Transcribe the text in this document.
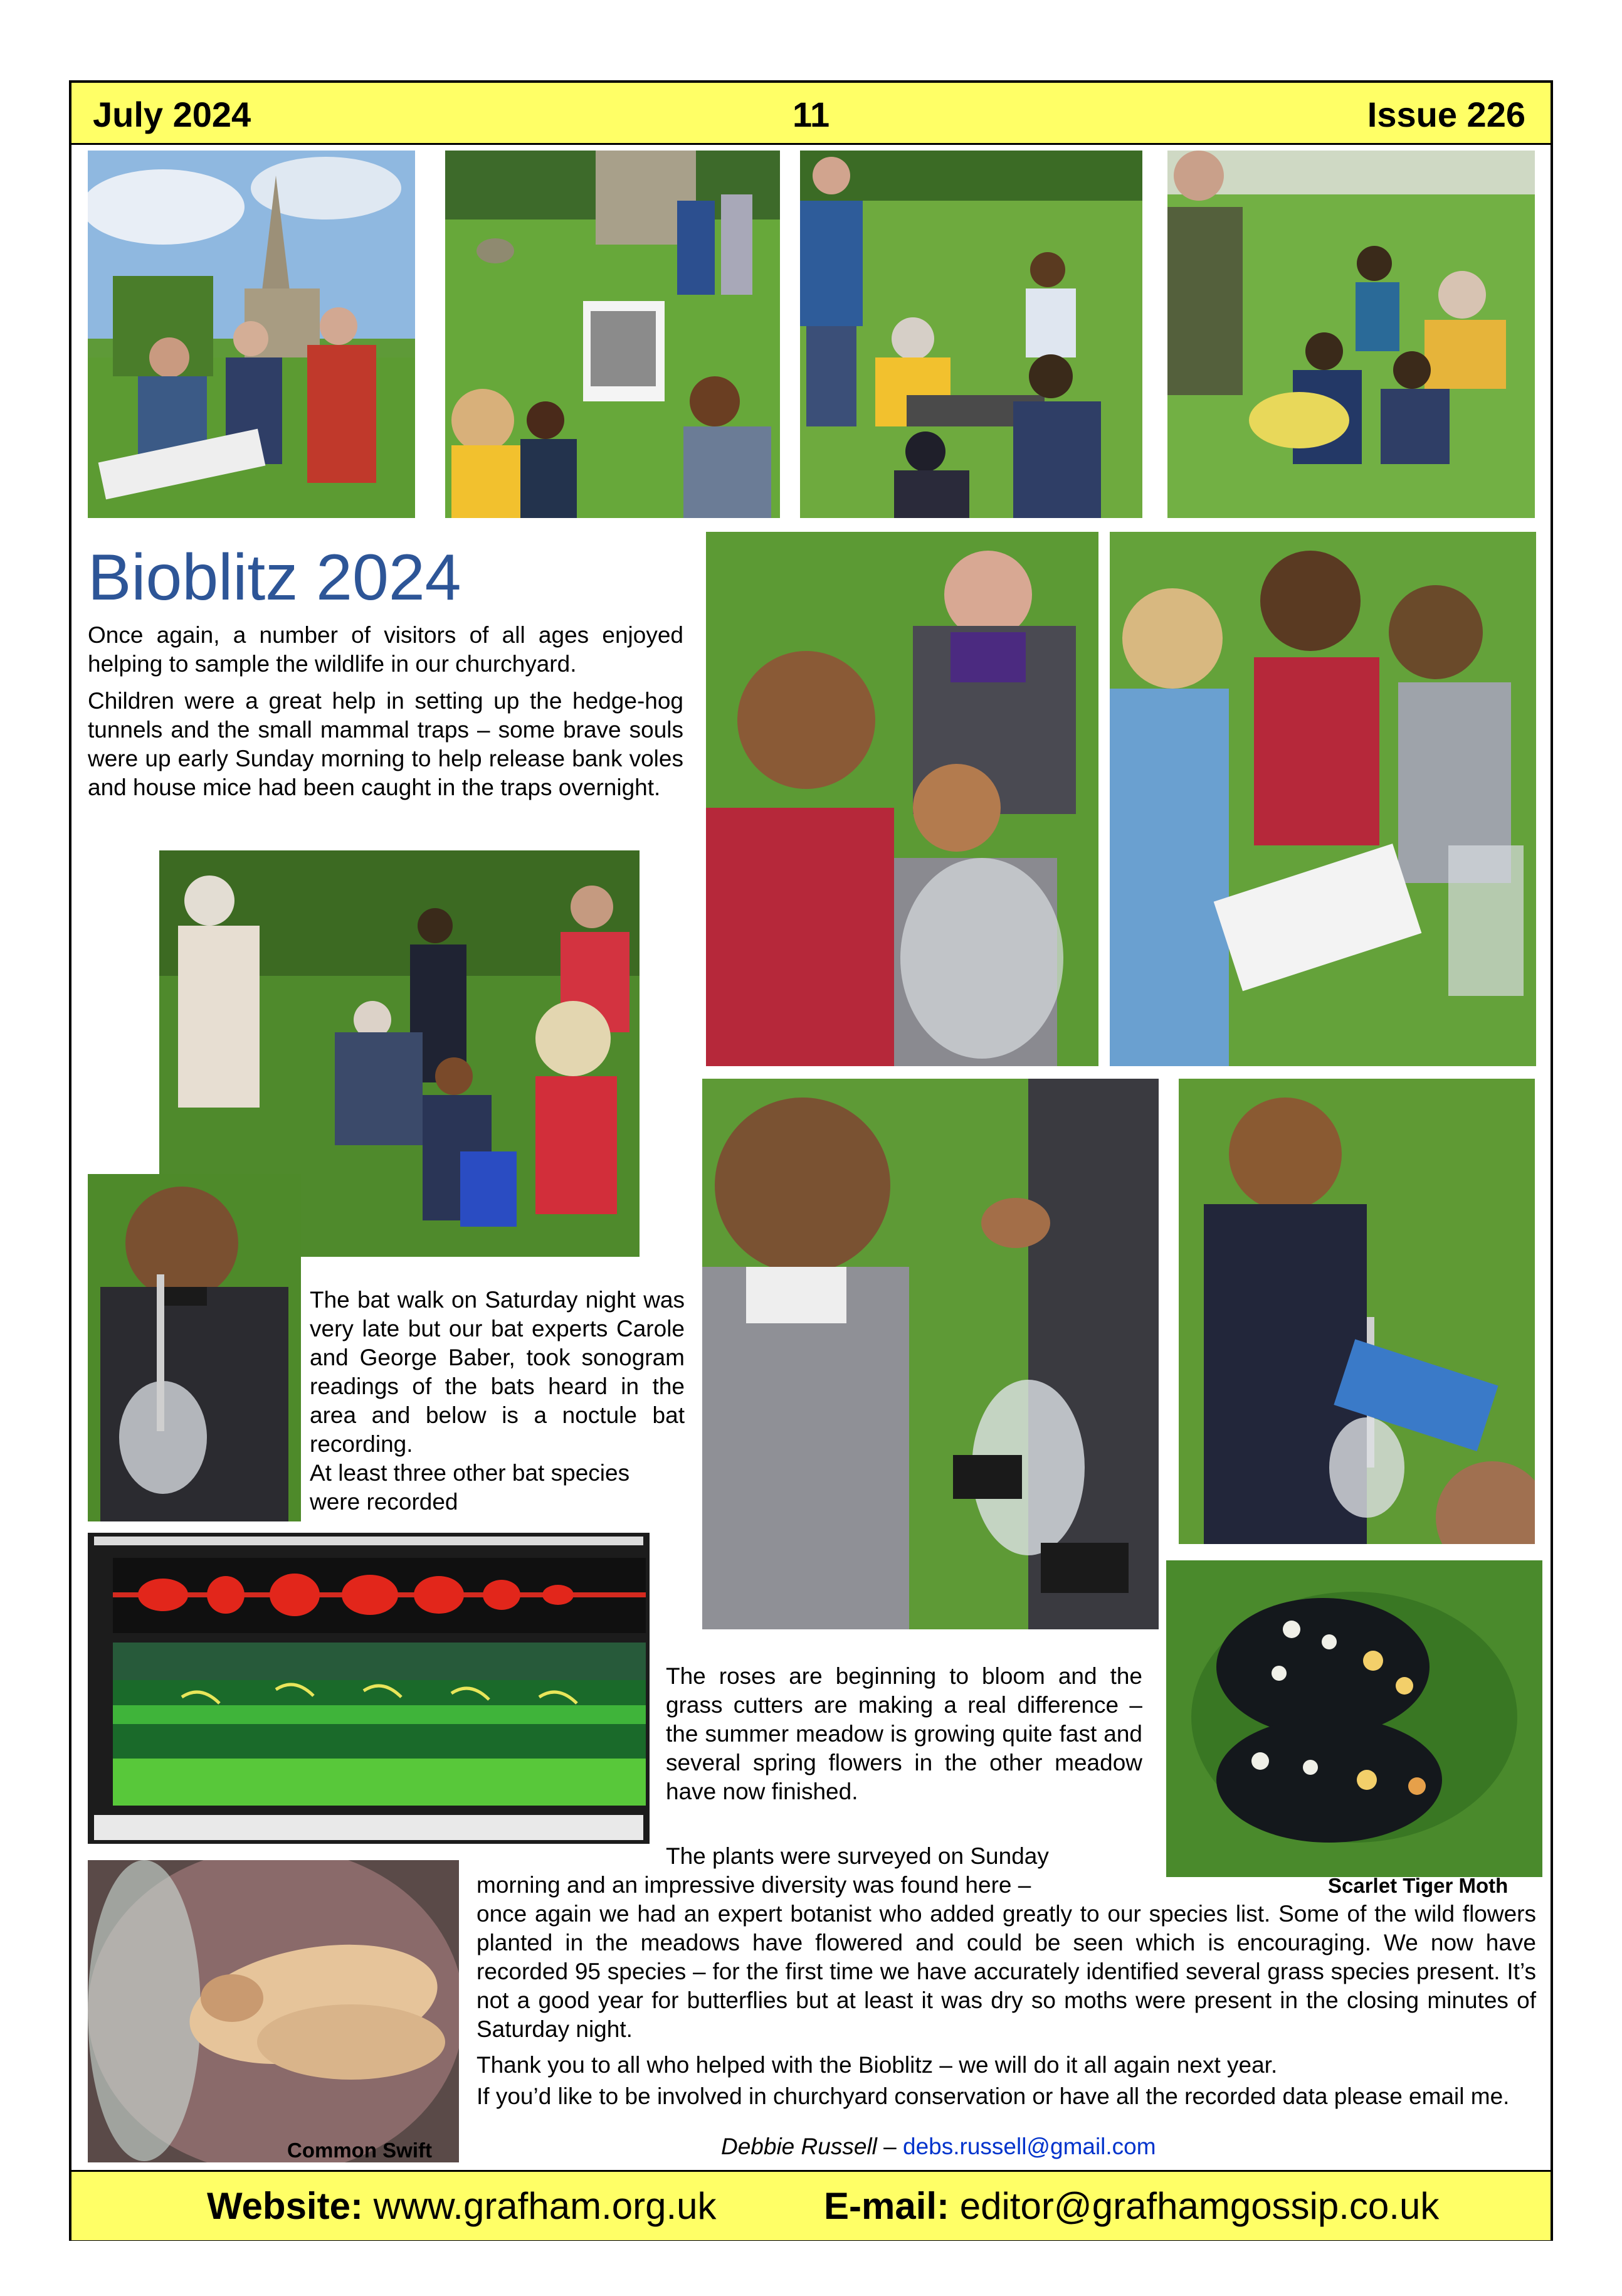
July 2024	11	Issue 226
Bioblitz 2024

Once again, a number of visitors of all ages enjoyed helping to sample the wildlife in our churchyard.

Children were a great help in setting up the hedge-hog tunnels and the small mammal traps – some brave souls were up early Sunday morning to help release bank voles and house mice had been caught in the traps overnight.

The bat walk on Saturday night was very late but our bat experts Carole and George Baber, took sonogram readings of the bats heard in the area and below is a noctule bat recording.

At least three other bat species were recorded

Scarlet Tiger Moth

The roses are beginning to bloom and the grass cutters are making a real difference – the summer meadow is growing quite fast and several spring flowers in the other meadow have now finished.

The plants were surveyed on Sunday

morning and an impressive diversity was found here –

once again we had an expert botanist who added greatly to our species list. Some of the wild flowers planted in the meadows have flowered and could be seen which is encouraging. We now have recorded 95 species – for the first time we have accurately identified several grass species present. It’s not a good year for butterflies but at least it was dry so moths were present in the closing minutes of Saturday night.

Thank you to all who helped with the Bioblitz – we will do it all again next year.

If you’d like to be involved in churchyard conservation or have all the recorded data please email me.

Common Swift	Debbie Russell – debs.russell@gmail.com
Website: www.grafham.org.uk	E-mail: editor@grafhamgossip.co.uk
